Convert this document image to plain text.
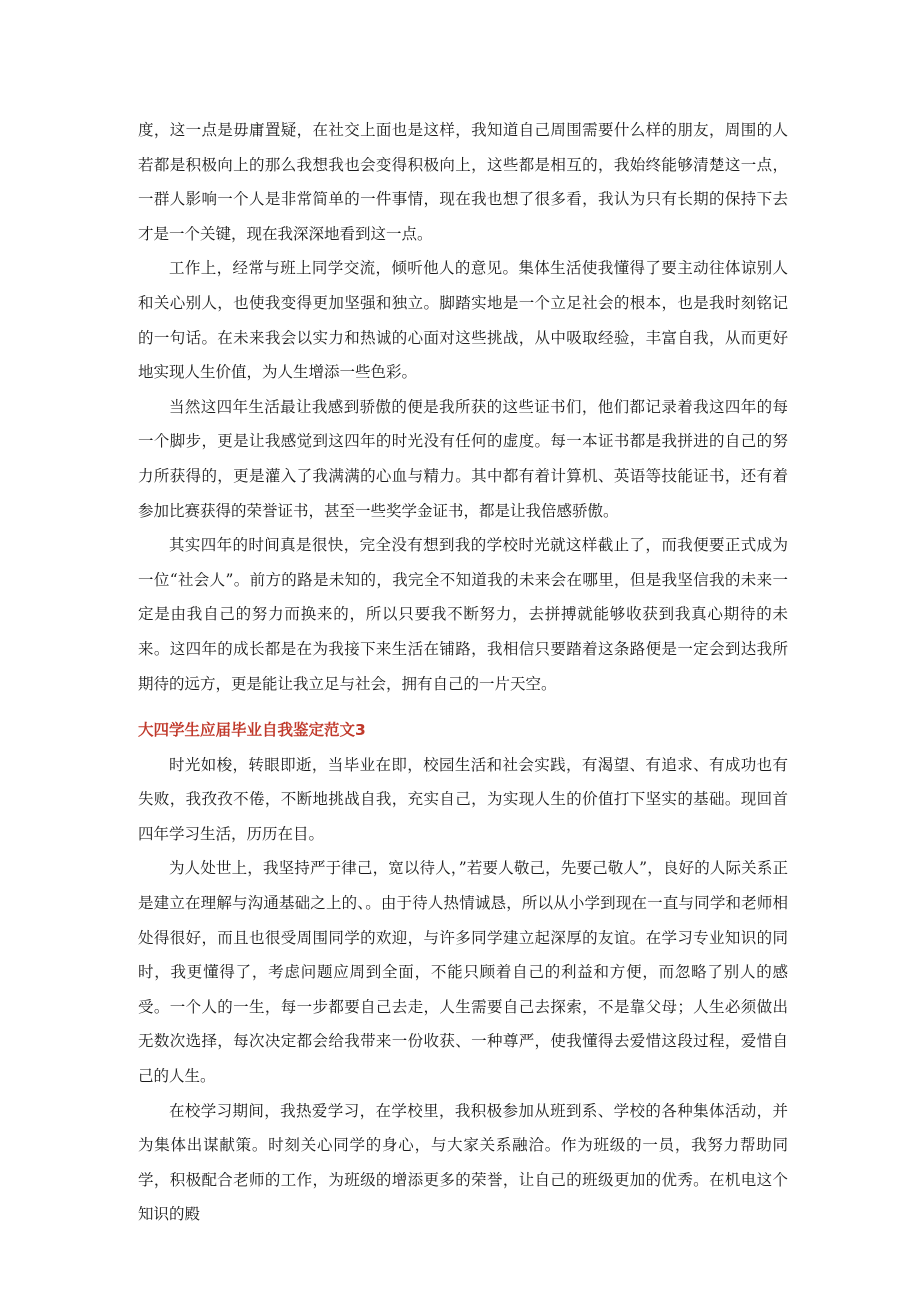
度，这一点是毋庸置疑，在社交上面也是这样，我知道自己周围需要什么样的朋友，周围的人若都是积极向上的那么我想我也会变得积极向上，这些都是相互的，我始终能够清楚这一点，一群人影响一个人是非常简单的一件事情，现在我也想了很多看，我认为只有长期的保持下去才是一个关键，现在我深深地看到这一点。

工作上，经常与班上同学交流，倾听他人的意见。集体生活使我懂得了要主动往体谅别人和关心别人，也使我变得更加坚强和独立。脚踏实地是一个立足社会的根本，也是我时刻铭记的一句话。在未来我会以实力和热诚的心面对这些挑战，从中吸取经验，丰富自我，从而更好地实现人生价值，为人生增添一些色彩。

当然这四年生活最让我感到骄傲的便是我所获的这些证书们，他们都记录着我这四年的每一个脚步，更是让我感觉到这四年的时光没有任何的虚度。每一本证书都是我拼进的自己的努力所获得的，更是灌入了我满满的心血与精力。其中都有着计算机、英语等技能证书，还有着参加比赛获得的荣誉证书，甚至一些奖学金证书，都是让我倍感骄傲。

其实四年的时间真是很快，完全没有想到我的学校时光就这样截止了，而我便要正式成为一位“社会人”。前方的路是未知的，我完全不知道我的未来会在哪里，但是我坚信我的未来一定是由我自己的努力而换来的，所以只要我不断努力，去拼搏就能够收获到我真心期待的未来。这四年的成长都是在为我接下来生活在铺路，我相信只要踏着这条路便是一定会到达我所期待的远方，更是能让我立足与社会，拥有自己的一片天空。

大四学生应届毕业自我鉴定范文3

时光如梭，转眼即逝，当毕业在即，校园生活和社会实践，有渴望、有追求、有成功也有失败，我孜孜不倦，不断地挑战自我，充实自己，为实现人生的价值打下坚实的基础。现回首四年学习生活，历历在目。

为人处世上，我坚持严于律己，宽以待人，”若要人敬己，先要己敬人”，良好的人际关系正是建立在理解与沟通基础之上的、。由于待人热情诚恳，所以从小学到现在一直与同学和老师相处得很好，而且也很受周围同学的欢迎，与许多同学建立起深厚的友谊。在学习专业知识的同时，我更懂得了，考虑问题应周到全面，不能只顾着自己的利益和方便，而忽略了别人的感受。一个人的一生，每一步都要自己去走，人生需要自己去探索，不是靠父母；人生必须做出无数次选择，每次决定都会给我带来一份收获、一种尊严，使我懂得去爱惜这段过程，爱惜自己的人生。

在校学习期间，我热爱学习，在学校里，我积极参加从班到系、学校的各种集体活动，并为集体出谋献策。时刻关心同学的身心，与大家关系融洽。作为班级的一员，我努力帮助同学，积极配合老师的工作，为班级的增添更多的荣誉，让自己的班级更加的优秀。在机电这个知识的殿
